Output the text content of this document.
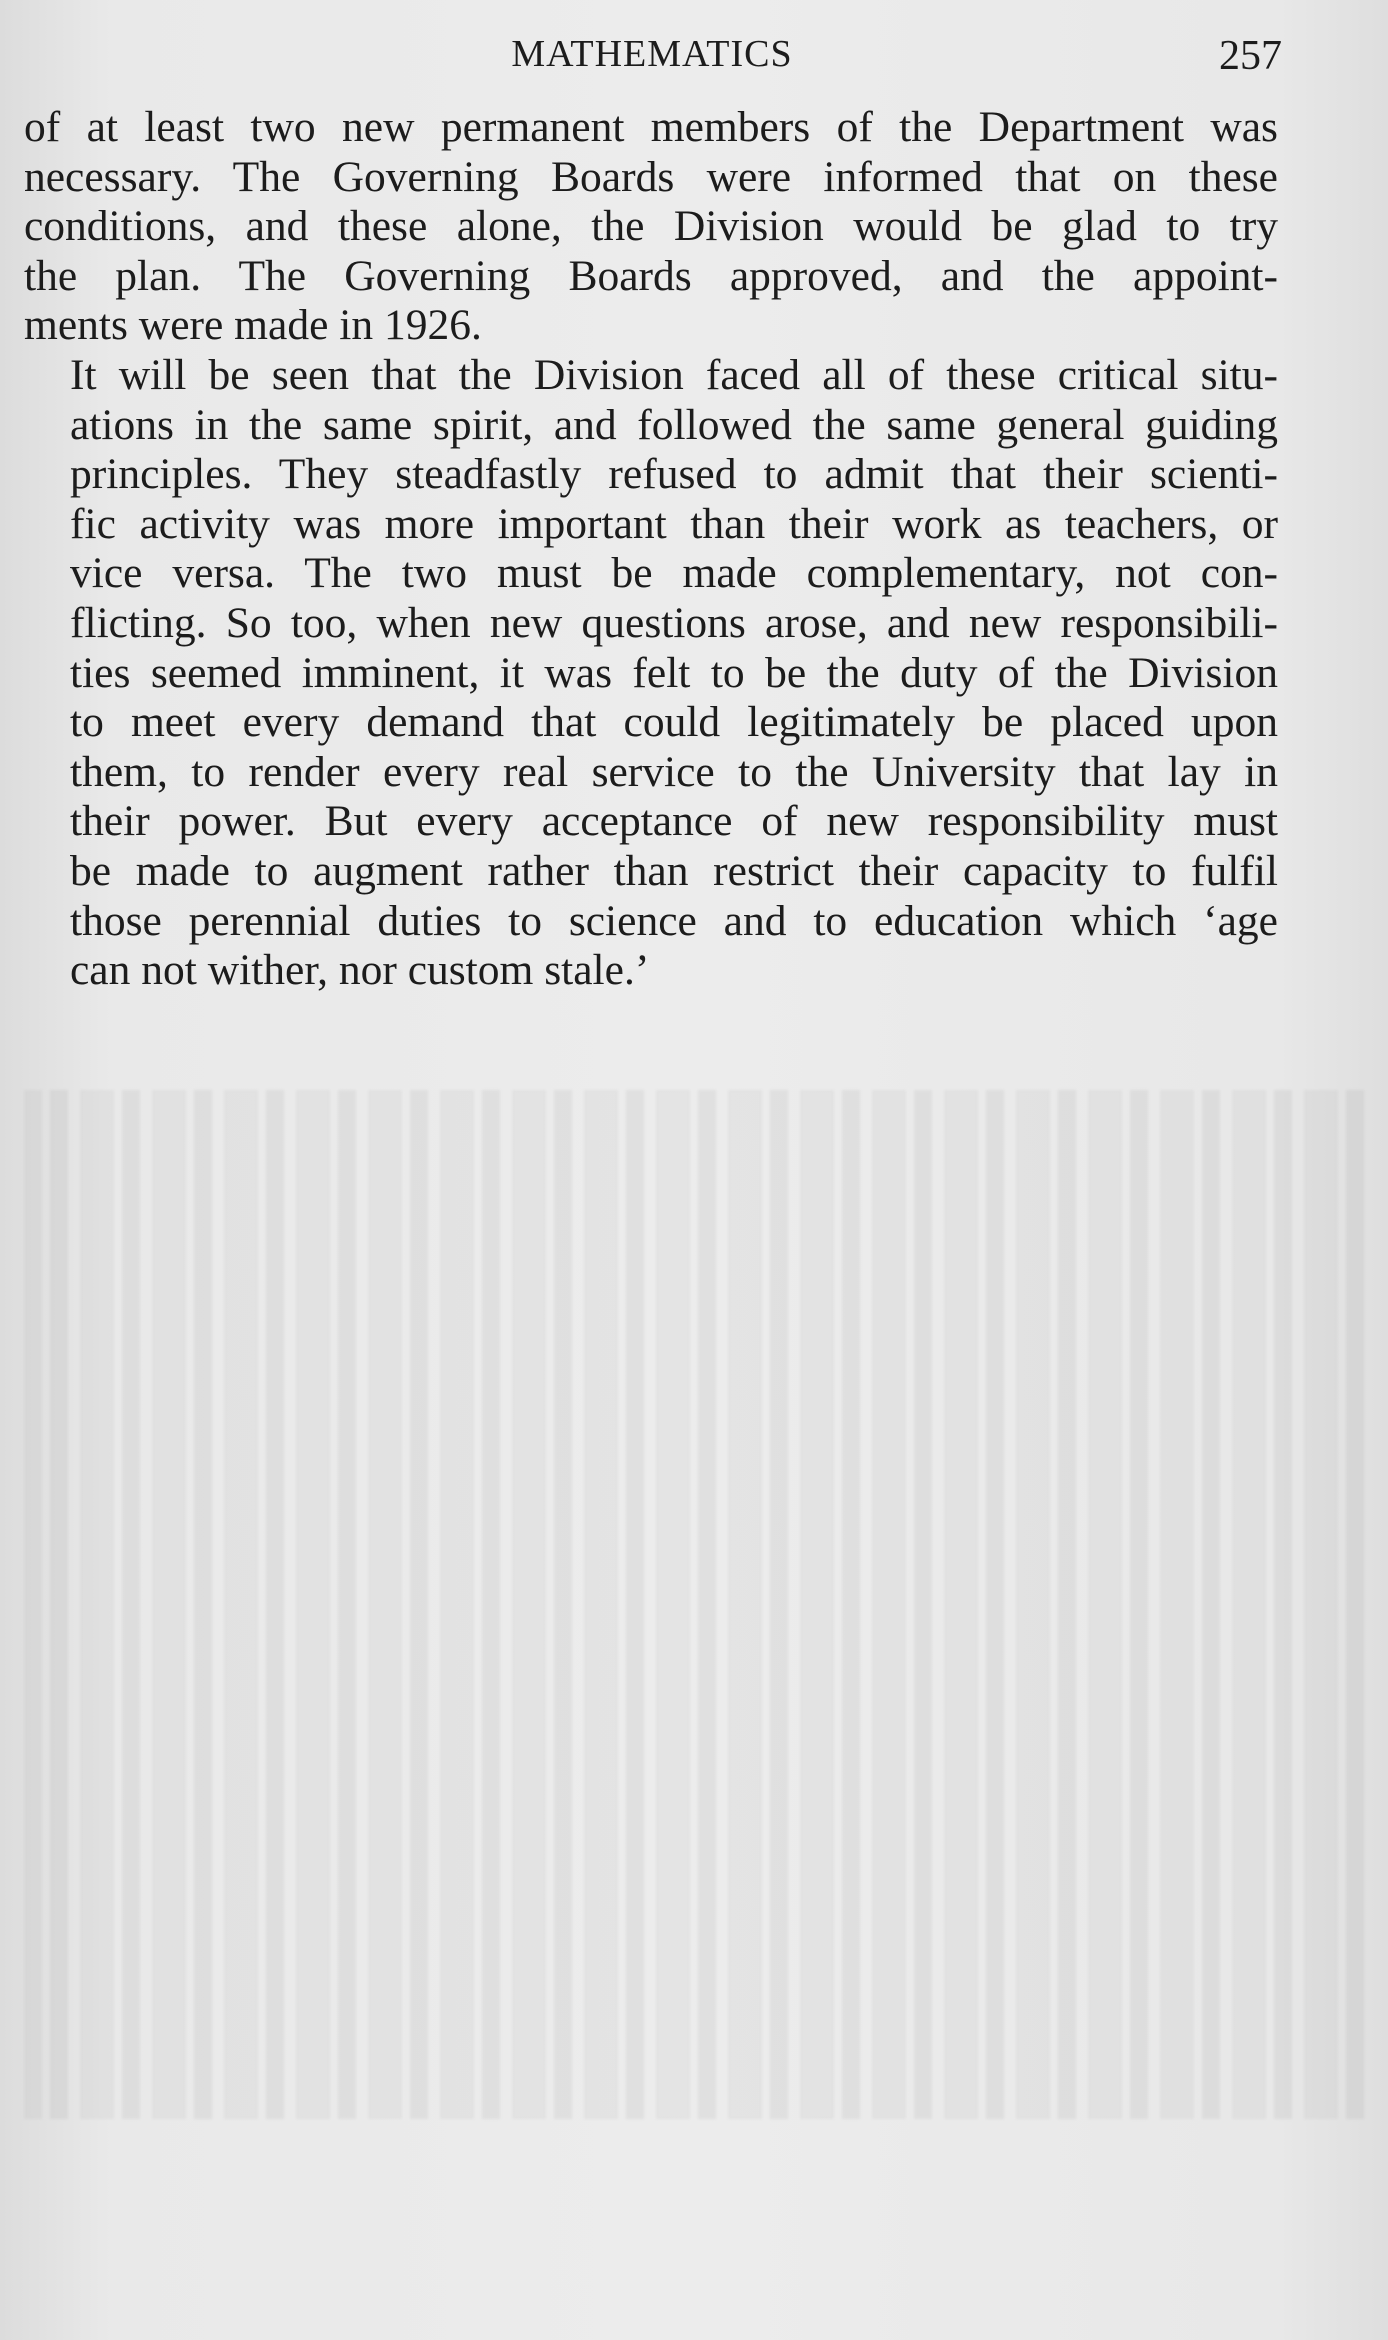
MATHEMATICS	257

of at least two new permanent members of the Department was
necessary. The Governing Boards were informed that on these
conditions, and these alone, the Division would be glad to try
the plan. The Governing Boards approved, and the appoint-
ments were made in 1926.

It will be seen that the Division faced all of these critical situ-
ations in the same spirit, and followed the same general guiding
principles. They steadfastly refused to admit that their scienti-
fic activity was more important than their work as teachers, or
vice versa. The two must be made complementary, not con-
flicting. So too, when new questions arose, and new responsibili-
ties seemed imminent, it was felt to be the duty of the Division
to meet every demand that could legitimately be placed upon
them, to render every real service to the University that lay in
their power. But every acceptance of new responsibility must
be made to augment rather than restrict their capacity to fulfil
those perennial duties to science and to education which ‘age
can not wither, nor custom stale.’
